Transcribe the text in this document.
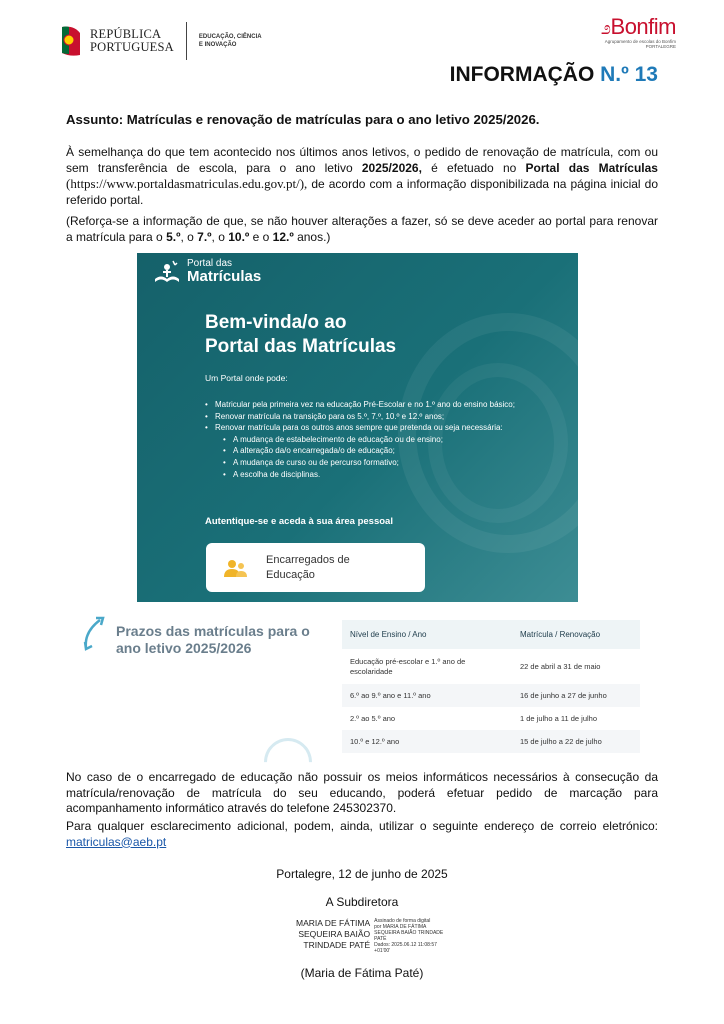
REPÚBLICA
PORTUGUESA
EDUCAÇÃO, CIÊNCIA
E INOVAÇÃO
೨Bonfim
Agrupamento de escolas do Bonfim
PORTALEGRE
INFORMAÇÃO N.º 13
Assunto: Matrículas e renovação de matrículas para o ano letivo 2025/2026.
À semelhança do que tem acontecido nos últimos anos letivos, o pedido de renovação de matrícula, com ou sem transferência de escola, para o ano letivo 2025/2026, é efetuado no Portal das Matrículas (https://www.portaldasmatriculas.edu.gov.pt/), de acordo com a informação disponibilizada na página inicial do referido portal.
(Reforça-se a informação de que, se não houver alterações a fazer, só se deve aceder ao portal para renovar a matrícula para o 5.º, o 7.º, o 10.º e o 12.º anos.)
Portal das
Matrículas
Bem-vinda/o ao
Portal das Matrículas
Um Portal onde pode:
• Matricular pela primeira vez na educação Pré-Escolar e no 1.º ano do ensino básico;
• Renovar matrícula na transição para os 5.º, 7.º, 10.º e 12.º anos;
• Renovar matrícula para os outros anos sempre que pretenda ou seja necessária:
• A mudança de estabelecimento de educação ou de ensino;
• A alteração da/o encarregada/o de educação;
• A mudança de curso ou de percurso formativo;
• A escolha de disciplinas.
Autentique-se e aceda à sua área pessoal
Encarregados de
Educação
Prazos das matrículas para o ano letivo 2025/2026
Nível de Ensino / Ano	Matrícula / Renovação
Educação pré-escolar e 1.º ano de escolaridade	22 de abril a 31 de maio
6.º ao 9.º ano e 11.º ano	16 de junho a 27 de junho
2.º ao 5.º ano	1 de julho a 11 de julho
10.º e 12.º ano	15 de julho a 22 de julho
No caso de o encarregado de educação não possuir os meios informáticos necessários à consecução da matrícula/renovação de matrícula do seu educando, poderá efetuar pedido de marcação para acompanhamento informático através do telefone 245302370.
Para qualquer esclarecimento adicional, podem, ainda, utilizar o seguinte endereço de correio eletrónico: matriculas@aeb.pt
Portalegre, 12 de junho de 2025
A Subdiretora
MARIA DE FÁTIMA
SEQUEIRA BAIÃO
TRINDADE PATÉ
Assinado de forma digital
por MARIA DE FÁTIMA
SEQUEIRA BAIÃO TRINDADE
PATÉ
Dados: 2025.06.12 11:08:57
+01'00'
(Maria de Fátima Paté)
